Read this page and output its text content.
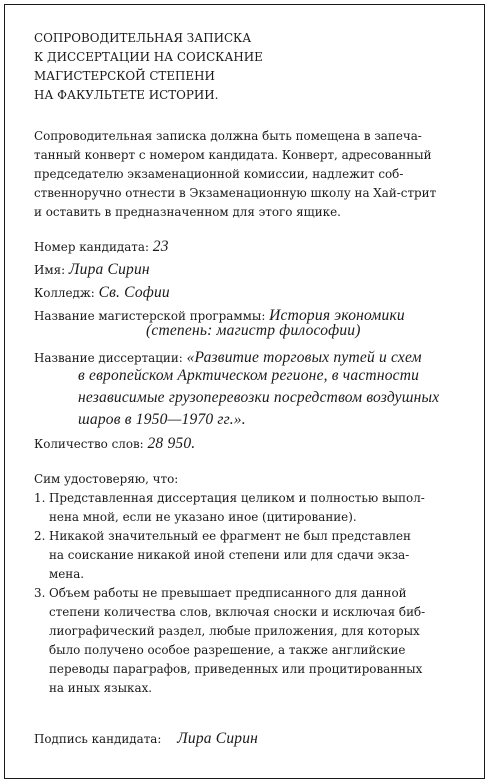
СОПРОВОДИТЕЛЬНАЯ ЗАПИСКА
К ДИССЕРТАЦИИ НА СОИСКАНИЕ
МАГИСТЕРСКОЙ СТЕПЕНИ
НА ФАКУЛЬТЕТЕ ИСТОРИИ.
Сопроводительная записка должна быть помещена в запеча-
танный конверт с номером кандидата. Конверт, адресованный
председателю экзаменационной комиссии, надлежит соб-
ственноручно отнести в Экзаменационную школу на Хай-стрит
и оставить в предназначенном для этого ящике.
Номер кандидата: 23
Имя: Лира Сирин
Колледж: Св. Софии
Название магистерской программы: История экономики
(степень: магистр философии)
Название диссертации: «Развитие торговых путей и схем
в европейском Арктическом регионе, в частности
независимые грузоперевозки посредством воздушных
шаров в 1950—1970 гг.».
Количество слов: 28 950.
Сим удостоверяю, что:
1. Представленная диссертация целиком и полностью выпол-
нена мной, если не указано иное (цитирование).
2. Никакой значительный ее фрагмент не был представлен
на соискание никакой иной степени или для сдачи экза-
мена.
3. Объем работы не превышает предписанного для данной
степени количества слов, включая сноски и исключая биб-
лиографический раздел, любые приложения, для которых
было получено особое разрешение, а также английские
переводы параграфов, приведенных или процитированных
на иных языках.
Подпись кандидата: Лира Сирин
